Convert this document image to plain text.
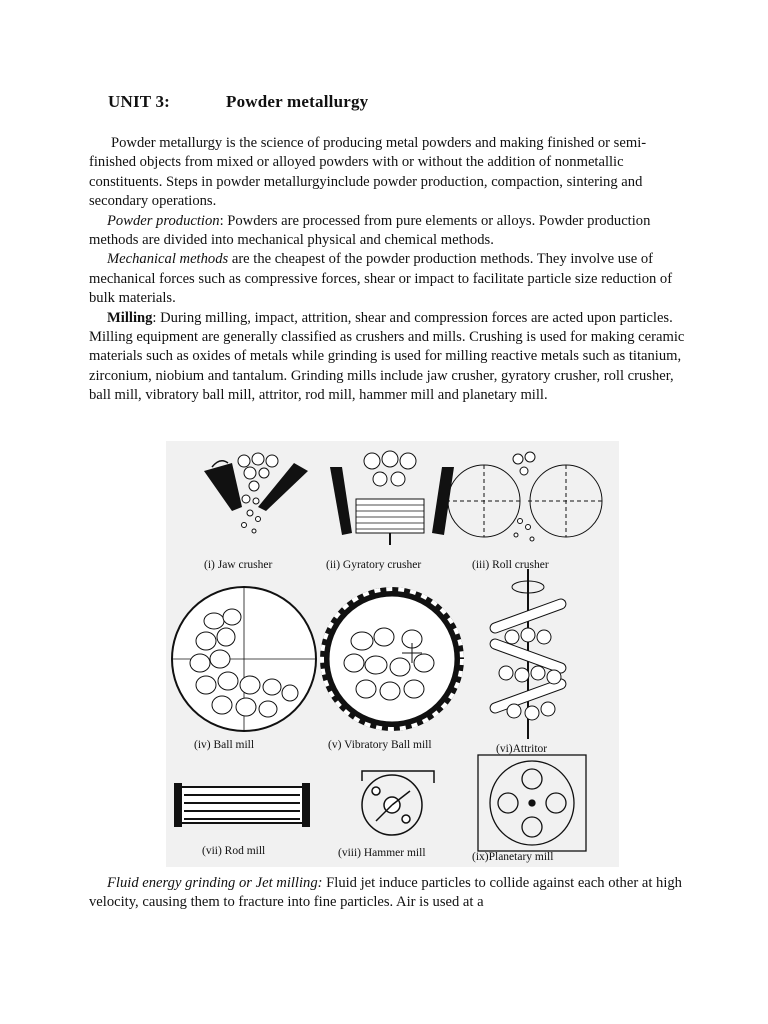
UNIT 3:	Powder metallurgy

Powder metallurgy is the science of producing metal powders and making finished or semi-finished objects from mixed or alloyed powders with or without the addition of nonmetallic constituents. Steps in powder metallurgyinclude powder production, compaction, sintering and secondary operations.

Powder production: Powders are processed from pure elements or alloys. Powder production methods are divided into mechanical physical and chemical methods.

Mechanical methods are the cheapest of the powder production methods. They involve use of mechanical forces such as compressive forces, shear or impact to facilitate particle size reduction of bulk materials.

Milling: During milling, impact, attrition, shear and compression forces are acted upon particles. Milling equipment are generally classified as crushers and mills. Crushing is used for making ceramic materials such as oxides of metals while grinding is used for milling reactive metals such as titanium, zirconium, niobium and tantalum. Grinding mills include jaw crusher, gyratory crusher, roll crusher, ball mill, vibratory ball mill, attritor, rod mill, hammer mill and planetary mill.

(i) Jaw crusher	(ii) Gyratory crusher	(iii) Roll crusher
(iv) Ball mill	(v) Vibratory Ball mill	(vi)Attritor
(vii) Rod mill	(viii) Hammer mill	(ix)Planetary mill

Fluid energy grinding or Jet milling: Fluid jet induce particles to collide against each other at high velocity, causing them to fracture into fine particles. Air is used at a
